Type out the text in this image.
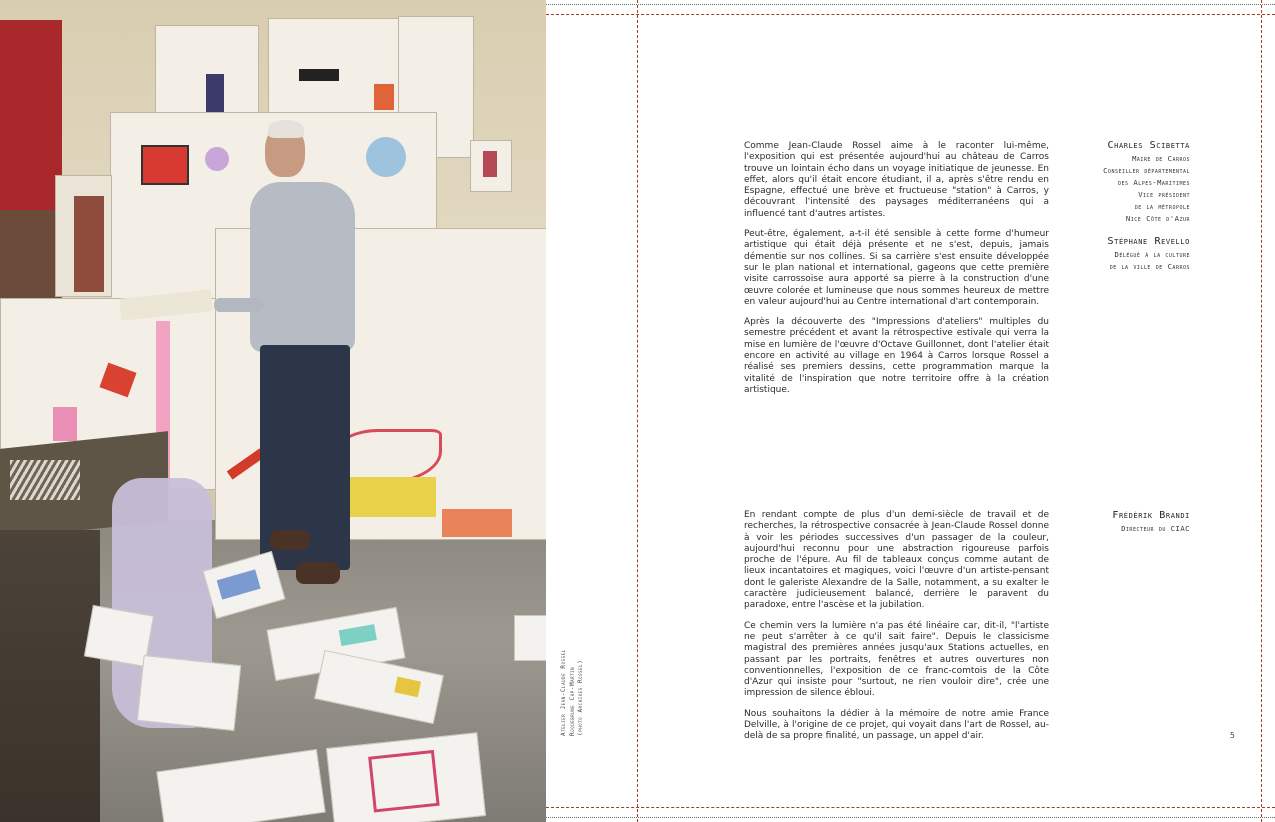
Atelier Jean-Claude Rossel Roquebrune Cap-Martin (photo Archives Rossel)

Comme Jean-Claude Rossel aime à le raconter lui-même, l'exposition qui est présentée aujourd'hui au château de Carros trouve un lointain écho dans un voyage initiatique de jeunesse. En effet, alors qu'il était encore étudiant, il a, après s'être rendu en Espagne, effectué une brève et fructueuse "station" à Carros, y découvrant l'intensité des paysages méditerranéens qui a influencé tant d'autres artistes.

Peut-être, également, a-t-il été sensible à cette forme d'humeur artistique qui était déjà présente et ne s'est, depuis, jamais démentie sur nos collines. Si sa carrière s'est ensuite développée sur le plan national et international, gageons que cette première visite carrossoise aura apporté sa pierre à la construction d'une œuvre colorée et lumineuse que nous sommes heureux de mettre en valeur aujourd'hui au Centre international d'art contemporain.

Après la découverte des "Impressions d'ateliers" multiples du semestre précédent et avant la rétrospective estivale qui verra la mise en lumière de l'œuvre d'Octave Guillonnet, dont l'atelier était encore en activité au village en 1964 à Carros lorsque Rossel a réalisé ses premiers dessins, cette programmation marque la vitalité de l'inspiration que notre territoire offre à la création artistique.

Charles Scibetta
Maire de Carros
Conseiller départemental
des Alpes-Maritimes
Vice président
de la métropole
Nice Côte d'Azur
Stéphane Revello
Délégué à la culture
de la ville de Carros

En rendant compte de plus d'un demi-siècle de travail et de recherches, la rétrospective consacrée à Jean-Claude Rossel donne à voir les périodes successives d'un passager de la couleur, aujourd'hui reconnu pour une abstraction rigoureuse parfois proche de l'épure. Au fil de tableaux conçus comme autant de lieux incantatoires et magiques, voici l'œuvre d'un artiste-pensant dont le galeriste Alexandre de la Salle, notamment, a su exalter le caractère judicieusement balancé, derrière le paravent du paradoxe, entre l'ascèse et la jubilation.

Ce chemin vers la lumière n'a pas été linéaire car, dit-il, "l'artiste ne peut s'arrêter à ce qu'il sait faire". Depuis le classicisme magistral des premières années jusqu'aux Stations actuelles, en passant par les portraits, fenêtres et autres ouvertures non conventionnelles, l'exposition de ce franc-comtois de la Côte d'Azur qui insiste pour "surtout, ne rien vouloir dire", crée une impression de silence ébloui.

Nous souhaitons la dédier à la mémoire de notre amie France Delville, à l'origine de ce projet, qui voyait dans l'art de Rossel, au-delà de sa propre finalité, un passage, un appel d'air.

Frédérik Brandi
Directeur du CIAC
5
